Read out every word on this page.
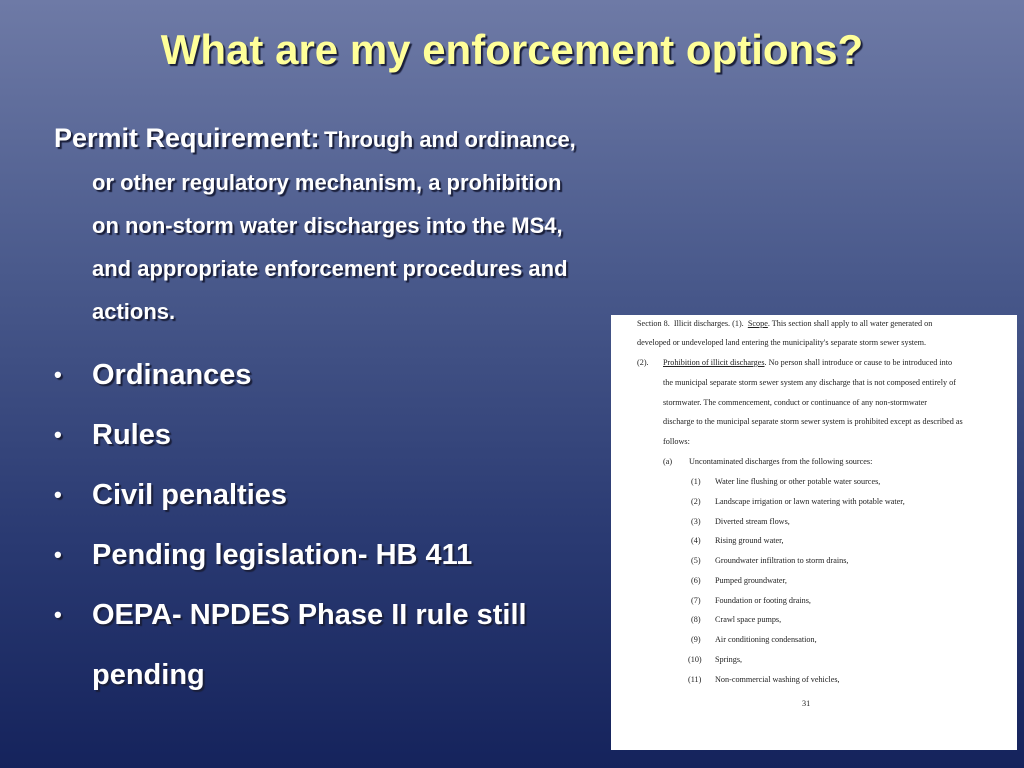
What are my enforcement options?
Permit Requirement: Through and ordinance,
or other regulatory mechanism, a prohibition
on non-storm water discharges into the MS4,
and appropriate enforcement procedures and
actions.
• Ordinances
• Rules
• Civil penalties
• Pending legislation- HB 411
• OEPA- NPDES Phase II rule still
pending
Section 8. Illicit discharges. (1). Scope. This section shall apply to all water generated on
developed or undeveloped land entering the municipality's separate storm sewer system.
(2). Prohibition of illicit discharges. No person shall introduce or cause to be introduced into
the municipal separate storm sewer system any discharge that is not composed entirely of
stormwater. The commencement, conduct or continuance of any non-stormwater
discharge to the municipal separate storm sewer system is prohibited except as described as
follows:
(a) Uncontaminated discharges from the following sources:
(1) Water line flushing or other potable water sources,
(2) Landscape irrigation or lawn watering with potable water,
(3) Diverted stream flows,
(4) Rising ground water,
(5) Groundwater infiltration to storm drains,
(6) Pumped groundwater,
(7) Foundation or footing drains,
(8) Crawl space pumps,
(9) Air conditioning condensation,
(10) Springs,
(11) Non-commercial washing of vehicles,
31
